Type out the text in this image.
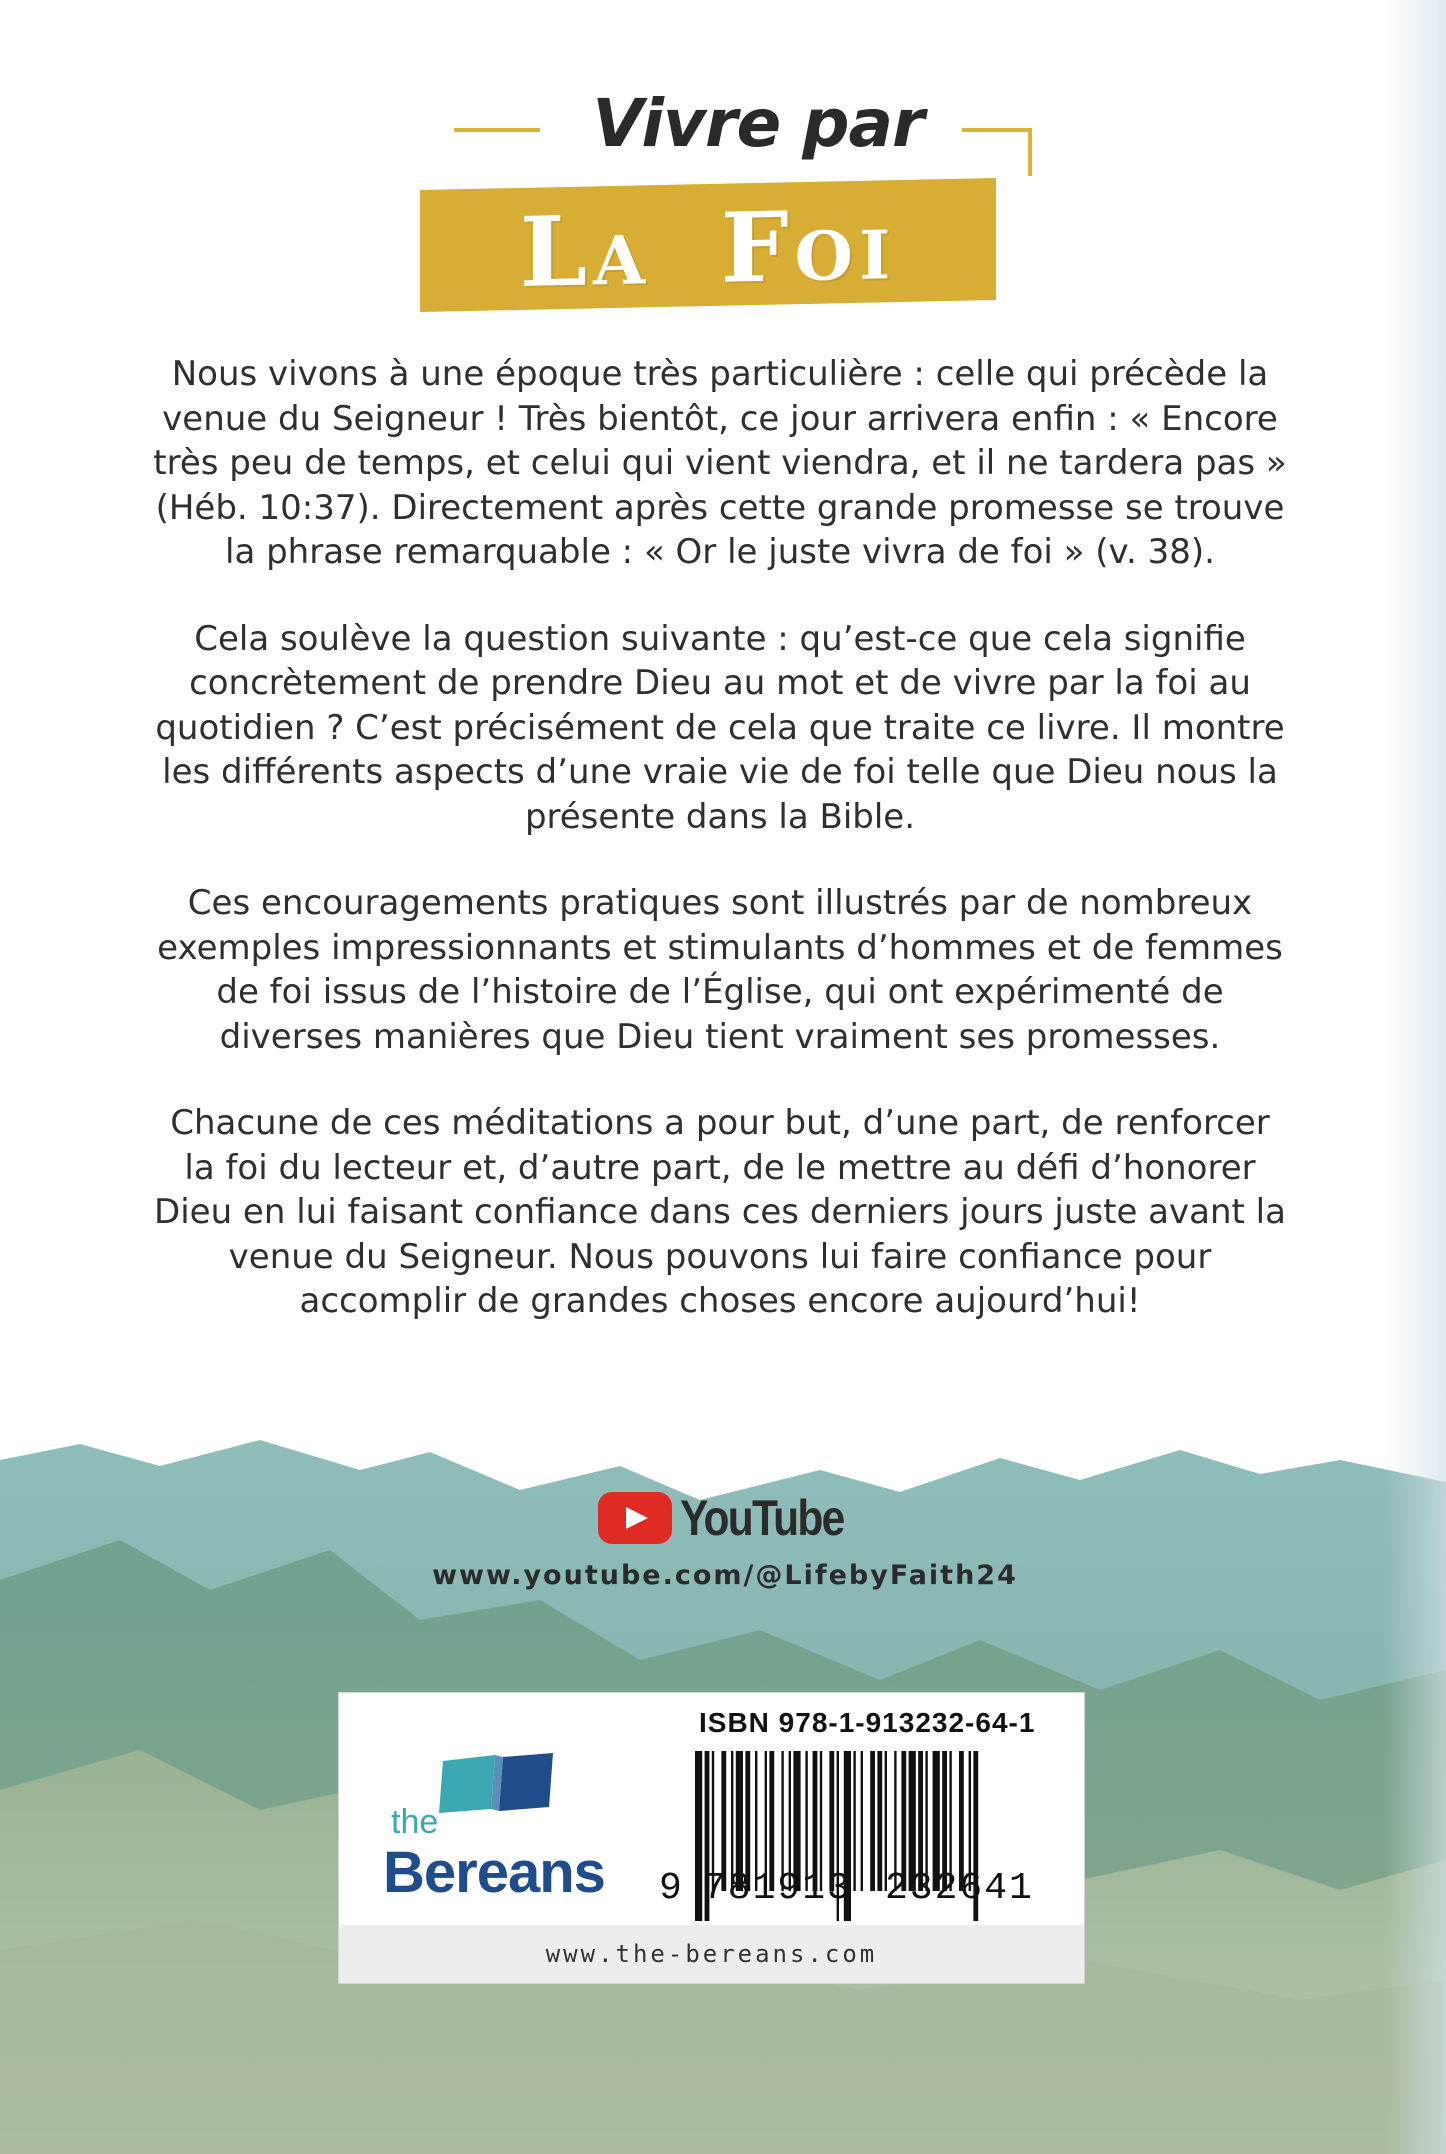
Vivre par
La Foi

Nous vivons à une époque très particulière : celle qui précède la venue du Seigneur ! Très bientôt, ce jour arrivera enfin : « Encore très peu de temps, et celui qui vient viendra, et il ne tardera pas » (Héb. 10:37). Directement après cette grande promesse se trouve la phrase remarquable : « Or le juste vivra de foi » (v. 38).

Cela soulève la question suivante : qu’est-ce que cela signifie concrètement de prendre Dieu au mot et de vivre par la foi au quotidien ? C’est précisément de cela que traite ce livre. Il montre les différents aspects d’une vraie vie de foi telle que Dieu nous la présente dans la Bible.

Ces encouragements pratiques sont illustrés par de nombreux exemples impressionnants et stimulants d’hommes et de femmes de foi issus de l’histoire de l’Église, qui ont expérimenté de diverses manières que Dieu tient vraiment ses promesses.

Chacune de ces méditations a pour but, d’une part, de renforcer la foi du lecteur et, d’autre part, de le mettre au défi d’honorer Dieu en lui faisant confiance dans ces derniers jours juste avant la venue du Seigneur. Nous pouvons lui faire confiance pour accomplir de grandes choses encore aujourd’hui!

YouTube
www.youtube.com/@LifebyFaith24
the
Bereans
ISBN 978-1-913232-64-1
9 781913 232641
www.the-bereans.com
